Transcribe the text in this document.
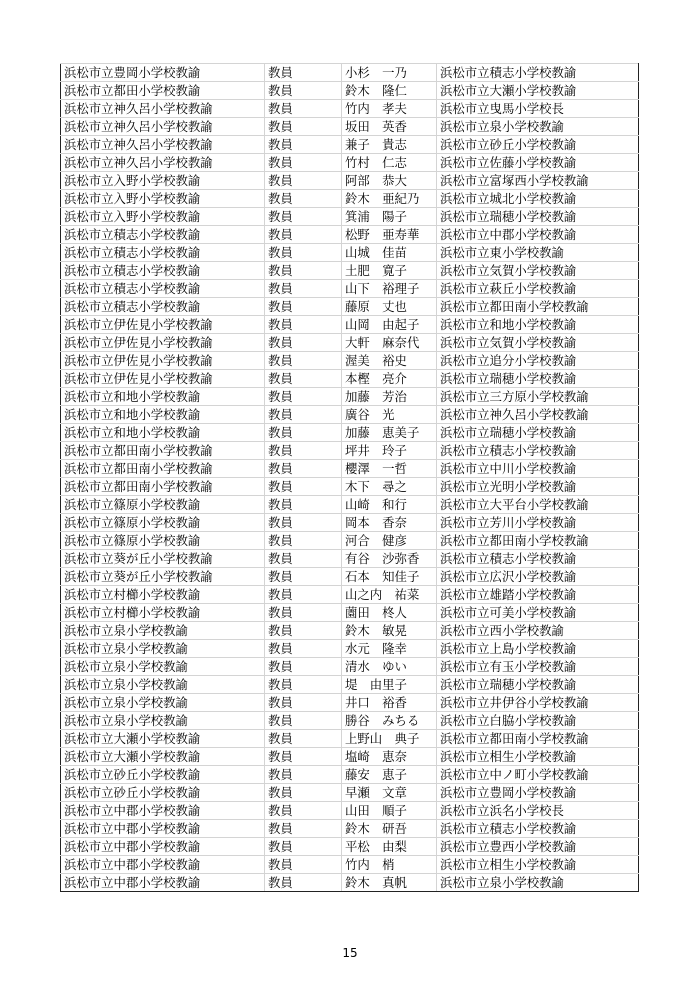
浜松市立豊岡小学校教諭	教員	小杉　一乃	浜松市立積志小学校教諭
浜松市立都田小学校教諭	教員	鈴木　隆仁	浜松市立大瀬小学校教諭
浜松市立神久呂小学校教諭	教員	竹内　孝夫	浜松市立曳馬小学校長
浜松市立神久呂小学校教諭	教員	坂田　英香	浜松市立泉小学校教諭
浜松市立神久呂小学校教諭	教員	兼子　貴志	浜松市立砂丘小学校教諭
浜松市立神久呂小学校教諭	教員	竹村　仁志	浜松市立佐藤小学校教諭
浜松市立入野小学校教諭	教員	阿部　恭大	浜松市立富塚西小学校教諭
浜松市立入野小学校教諭	教員	鈴木　亜紀乃	浜松市立城北小学校教諭
浜松市立入野小学校教諭	教員	箕浦　陽子	浜松市立瑞穂小学校教諭
浜松市立積志小学校教諭	教員	松野　亜寿華	浜松市立中郡小学校教諭
浜松市立積志小学校教諭	教員	山城　佳苗	浜松市立東小学校教諭
浜松市立積志小学校教諭	教員	土肥　寛子	浜松市立気賀小学校教諭
浜松市立積志小学校教諭	教員	山下　裕理子	浜松市立萩丘小学校教諭
浜松市立積志小学校教諭	教員	藤原　丈也	浜松市立都田南小学校教諭
浜松市立伊佐見小学校教諭	教員	山岡　由起子	浜松市立和地小学校教諭
浜松市立伊佐見小学校教諭	教員	大軒　麻奈代	浜松市立気賀小学校教諭
浜松市立伊佐見小学校教諭	教員	渥美　裕史	浜松市立追分小学校教諭
浜松市立伊佐見小学校教諭	教員	本樫　亮介	浜松市立瑞穂小学校教諭
浜松市立和地小学校教諭	教員	加藤　芳治	浜松市立三方原小学校教諭
浜松市立和地小学校教諭	教員	廣谷　光	浜松市立神久呂小学校教諭
浜松市立和地小学校教諭	教員	加藤　恵美子	浜松市立瑞穂小学校教諭
浜松市立都田南小学校教諭	教員	坪井　玲子	浜松市立積志小学校教諭
浜松市立都田南小学校教諭	教員	櫻澤　一哲	浜松市立中川小学校教諭
浜松市立都田南小学校教諭	教員	木下　尋之	浜松市立光明小学校教諭
浜松市立篠原小学校教諭	教員	山崎　和行	浜松市立大平台小学校教諭
浜松市立篠原小学校教諭	教員	岡本　香奈	浜松市立芳川小学校教諭
浜松市立篠原小学校教諭	教員	河合　健彦	浜松市立都田南小学校教諭
浜松市立葵が丘小学校教諭	教員	有谷　沙弥香	浜松市立積志小学校教諭
浜松市立葵が丘小学校教諭	教員	石本　知佳子	浜松市立広沢小学校教諭
浜松市立村櫛小学校教諭	教員	山之内　祐菜	浜松市立雄踏小学校教諭
浜松市立村櫛小学校教諭	教員	薗田　柊人	浜松市立可美小学校教諭
浜松市立泉小学校教諭	教員	鈴木　敏晃	浜松市立西小学校教諭
浜松市立泉小学校教諭	教員	水元　隆幸	浜松市立上島小学校教諭
浜松市立泉小学校教諭	教員	清水　ゆい	浜松市立有玉小学校教諭
浜松市立泉小学校教諭	教員	堤　由里子	浜松市立瑞穂小学校教諭
浜松市立泉小学校教諭	教員	井口　裕香	浜松市立井伊谷小学校教諭
浜松市立泉小学校教諭	教員	勝谷　みちる	浜松市立白脇小学校教諭
浜松市立大瀬小学校教諭	教員	上野山　典子	浜松市立都田南小学校教諭
浜松市立大瀬小学校教諭	教員	塩崎　恵奈	浜松市立相生小学校教諭
浜松市立砂丘小学校教諭	教員	藤安　恵子	浜松市立中ノ町小学校教諭
浜松市立砂丘小学校教諭	教員	早瀬　文章	浜松市立豊岡小学校教諭
浜松市立中郡小学校教諭	教員	山田　順子	浜松市立浜名小学校長
浜松市立中郡小学校教諭	教員	鈴木　研吾	浜松市立積志小学校教諭
浜松市立中郡小学校教諭	教員	平松　由梨	浜松市立豊西小学校教諭
浜松市立中郡小学校教諭	教員	竹内　梢	浜松市立相生小学校教諭
浜松市立中郡小学校教諭	教員	鈴木　真帆	浜松市立泉小学校教諭
15
